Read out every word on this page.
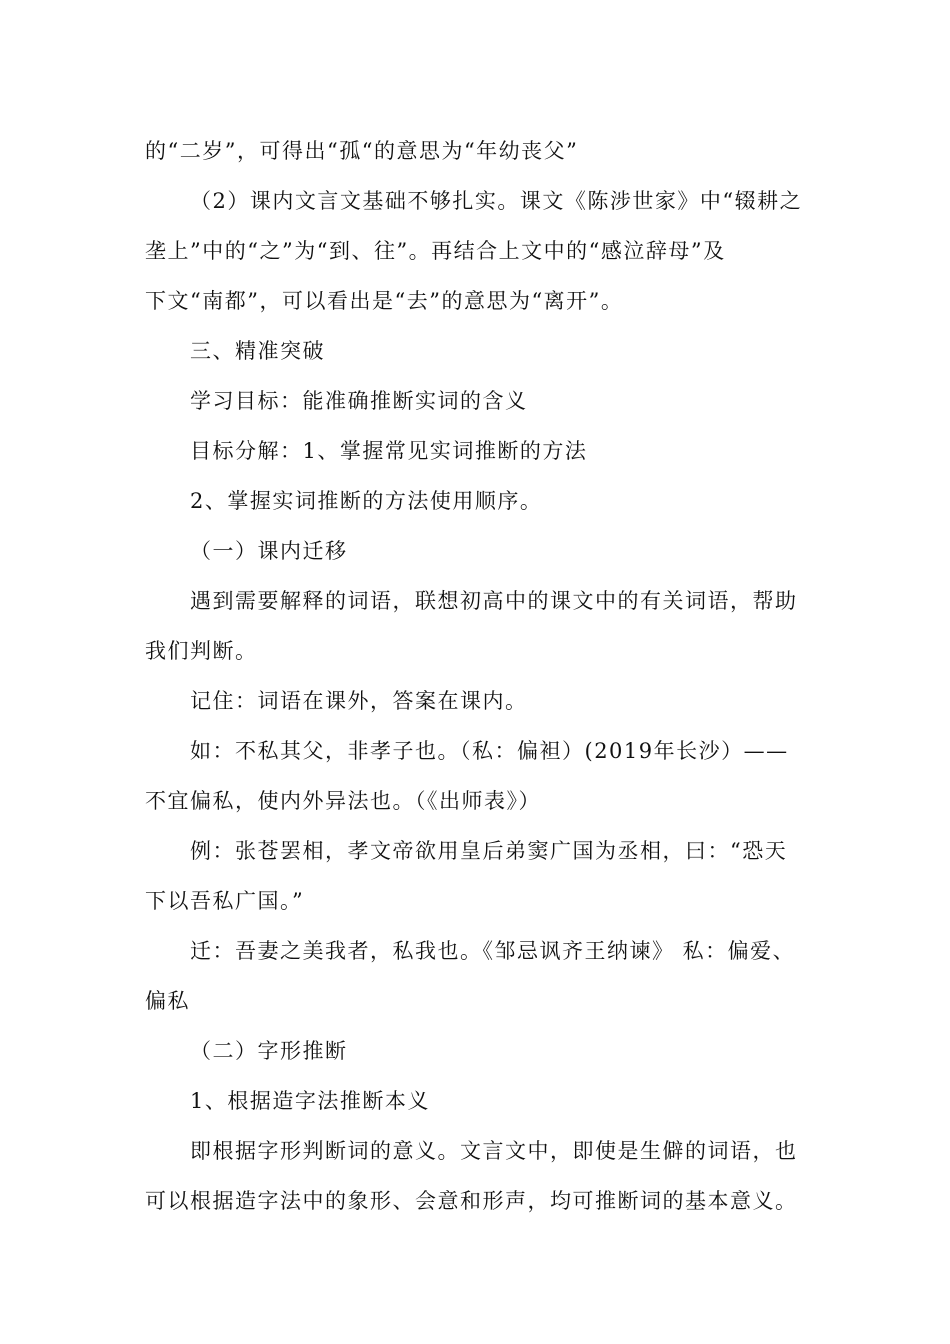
的“二岁”，可得出“孤“的意思为“年幼丧父”
（2）课内文言文基础不够扎实。课文《陈涉世家》中“辍耕之
垄上”中的“之”为“到、往”。再结合上文中的“感泣辞母”及
下文“南都”，可以看出是“去”的意思为“离开”。
三、精准突破
学习目标：能准确推断实词的含义
目标分解：1、掌握常见实词推断的方法
2、掌握实词推断的方法使用顺序。
（一）课内迁移
遇到需要解释的词语，联想初高中的课文中的有关词语，帮助
我们判断。
记住：词语在课外，答案在课内。
如：不私其父，非孝子也。（私：偏袒）(2019年长沙）——
不宜偏私，使内外异法也。（《出师表》）
例：张苍罢相，孝文帝欲用皇后弟窦广国为丞相，曰：“恐天
下以吾私广国。”
迁：吾妻之美我者，私我也。《邹忌讽齐王纳谏》 私：偏爱、
偏私
（二）字形推断
1、根据造字法推断本义
即根据字形判断词的意义。文言文中，即使是生僻的词语，也
可以根据造字法中的象形、会意和形声，均可推断词的基本意义。
